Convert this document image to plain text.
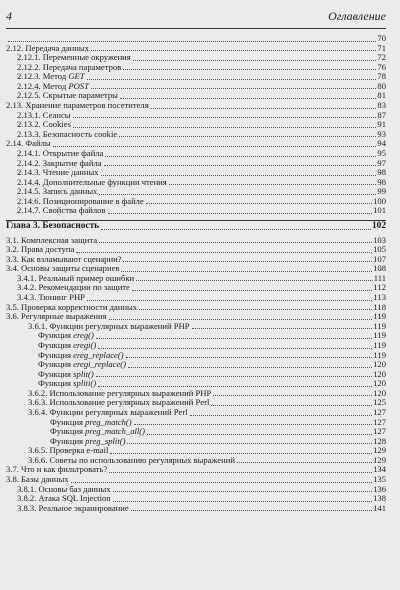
4	Оглавление
70
2.12. Передача данных	71
2.12.1. Переменные окружения	72
2.12.2. Передача параметров	76
2.12.3. Метод GET	78
2.12.4. Метод POST	80
2.12.5. Скрытые параметры	81
2.13. Хранение параметров посетителя	83
2.13.1. Сеансы	87
2.13.2. Cookies	91
2.13.3. Безопасность cookie	93
2.14. Файлы	94
2.14.1. Открытие файла	95
2.14.2. Закрытие файла	97
2.14.3. Чтение данных	98
2.14.4. Дополнительные функции чтения	98
2.14.5. Запись данных	99
2.14.6. Позиционирование в файле	100
2.14.7. Свойства файлов	101
Глава 3. Безопасность	102
3.1. Комплексная защита	103
3.2. Права доступа	105
3.3. Как взламывают сценарии?	107
3.4. Основы защиты сценариев	108
3.4.1. Реальный пример ошибки	111
3.4.2. Рекомендации по защите	112
3.4.3. Тюнинг PHP	113
3.5. Проверка корректности данных	118
3.6. Регулярные выражения	119
3.6.1. Функции регулярных выражений PHP	119
Функция ereg()	119
Функция eregi()	119
Функция ereg_replace()	119
Функция eregi_replace()	120
Функция split()	120
Функция spliti()	120
3.6.2. Использование регулярных выражений PHP	120
3.6.3. Использование регулярных выражений Perl	125
3.6.4. Функции регулярных выражений Perl	127
Функция preg_match()	127
Функция preg_match_all()	127
Функция preg_split()	128
3.6.5. Проверка e-mail	129
3.6.6. Советы по использованию регулярных выражений	129
3.7. Что и как фильтровать?	134
3.8. Базы данных	135
3.8.1. Основы баз данных	136
3.8.2. Атака SQL Injection	138
3.8.3. Реальное экранирование	141
